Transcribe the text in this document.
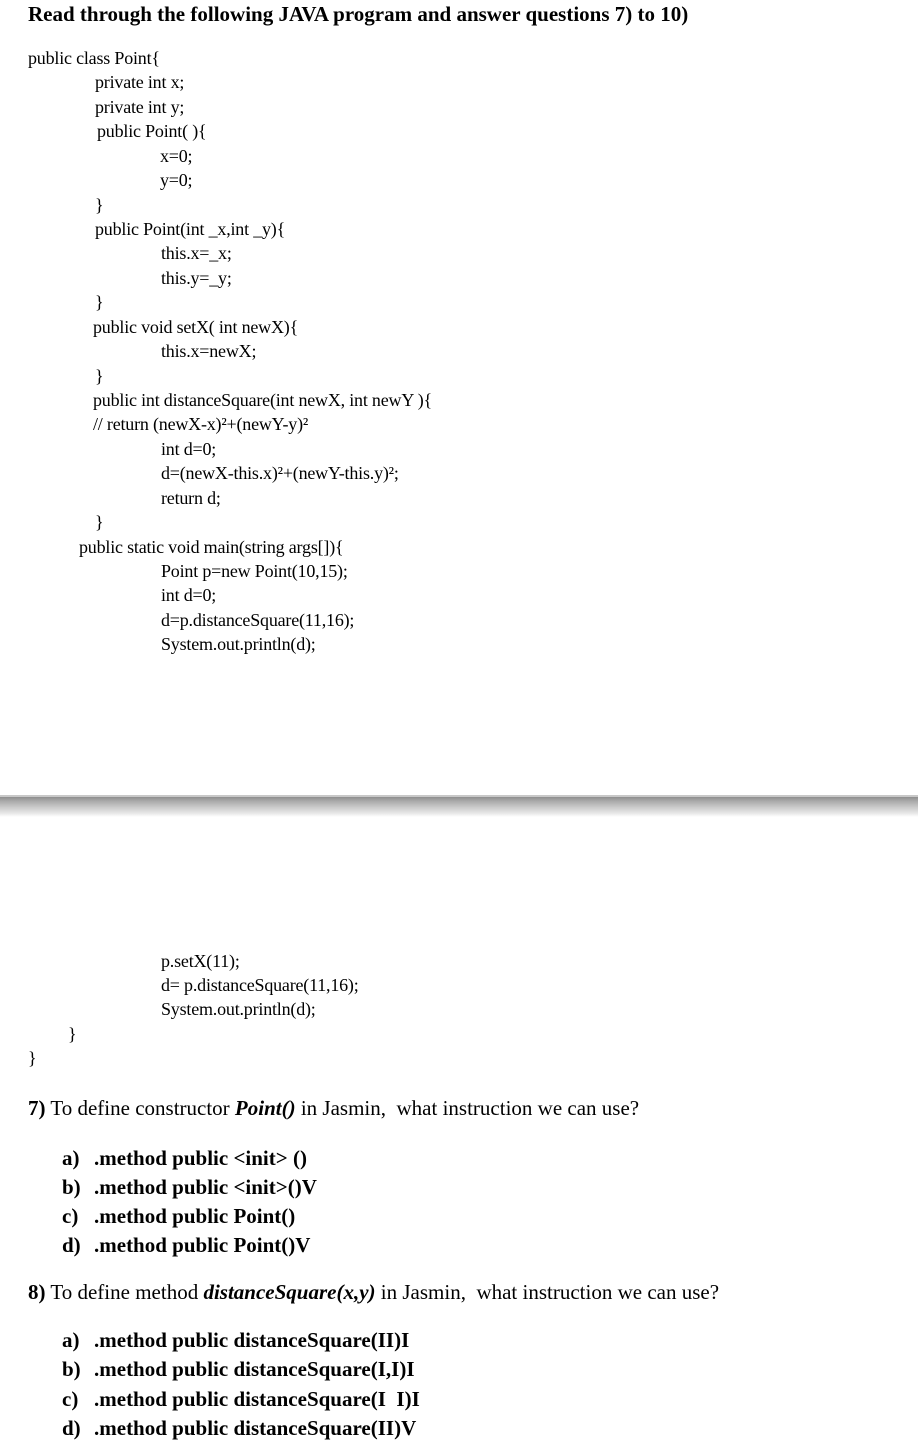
Read through the following JAVA program and answer questions 7) to 10)
public class Point{
private int x;
private int y;
public Point( ){
x=0;
y=0;
}
public Point(int _x,int _y){
this.x=_x;
this.y=_y;
}
public void setX( int newX){
this.x=newX;
}
public int distanceSquare(int newX, int newY ){
// return (newX-x)²+(newY-y)²
int d=0;
d=(newX-this.x)²+(newY-this.y)²;
return d;
}
public static void main(string args[]){
Point p=new Point(10,15);
int d=0;
d=p.distanceSquare(11,16);
System.out.println(d);
p.setX(11);
d= p.distanceSquare(11,16);
System.out.println(d);
}
}
7) To define constructor Point() in Jasmin,  what instruction we can use?
a) .method public <init> ()
b) .method public <init>()V
c) .method public Point()
d) .method public Point()V
8) To define method distanceSquare(x,y) in Jasmin,  what instruction we can use?
a) .method public distanceSquare(II)I
b) .method public distanceSquare(I,I)I
c) .method public distanceSquare(I  I)I
d) .method public distanceSquare(II)V
